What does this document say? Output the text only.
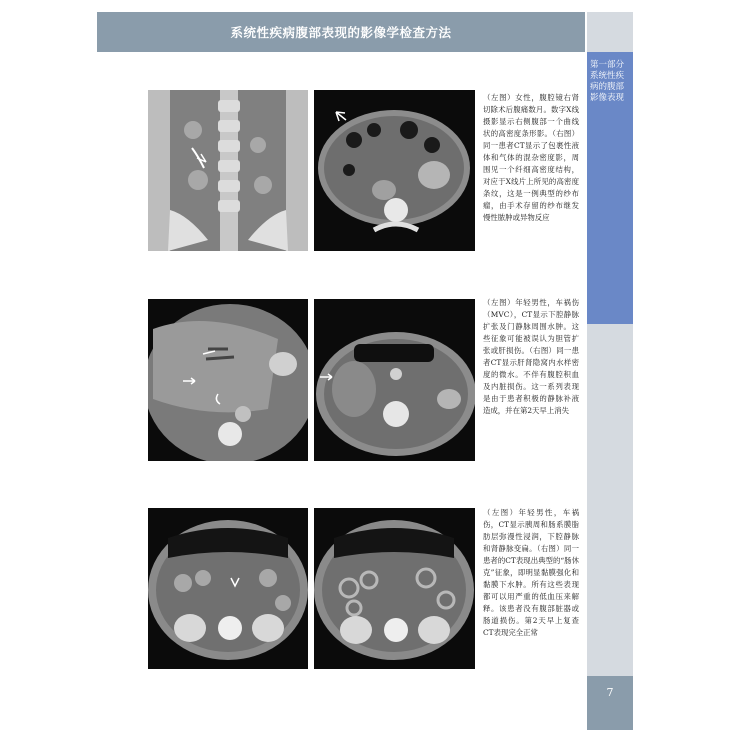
系统性疾病腹部表现的影像学检查方法
第一部分 系统性疾病的腹部影像表现
7
（左图）女性，腹腔镜右肾切除术后腹痛数月。数字X线摄影显示右侧腹部一个曲线状的高密度条形影。（右图）同一患者CT显示了包裹性液体和气体的混杂密度影，周围见一个纤细高密度结构，对应于X线片上所见的高密度条纹，这是一例典型的纱布瘤，由手术存留的纱布继发慢性脓肿或异物反应
（左图）年轻男性，车祸伤（MVC），CT显示下腔静脉扩张及门静脉周围水肿。这些征象可能被误认为胆管扩张或肝损伤。（右图）同一患者CT显示肝肾隐窝内水样密度的微水。不伴有腹腔积血及内脏损伤。这一系列表现是由于患者积极的静脉补液造成，并在第2天早上消失
（左图）年轻男性，车祸伤，CT显示胰周和肠系膜脂肪层弥漫性浸润，下腔静脉和肾静脉变扁。（右图）同一患者的CT表现出典型的“肠休克”征象，即明显黏膜强化和黏膜下水肿。所有这些表现都可以用严重的低血压来解释。该患者没有腹部脏器或肠道损伤。第2天早上复查CT表现完全正常
